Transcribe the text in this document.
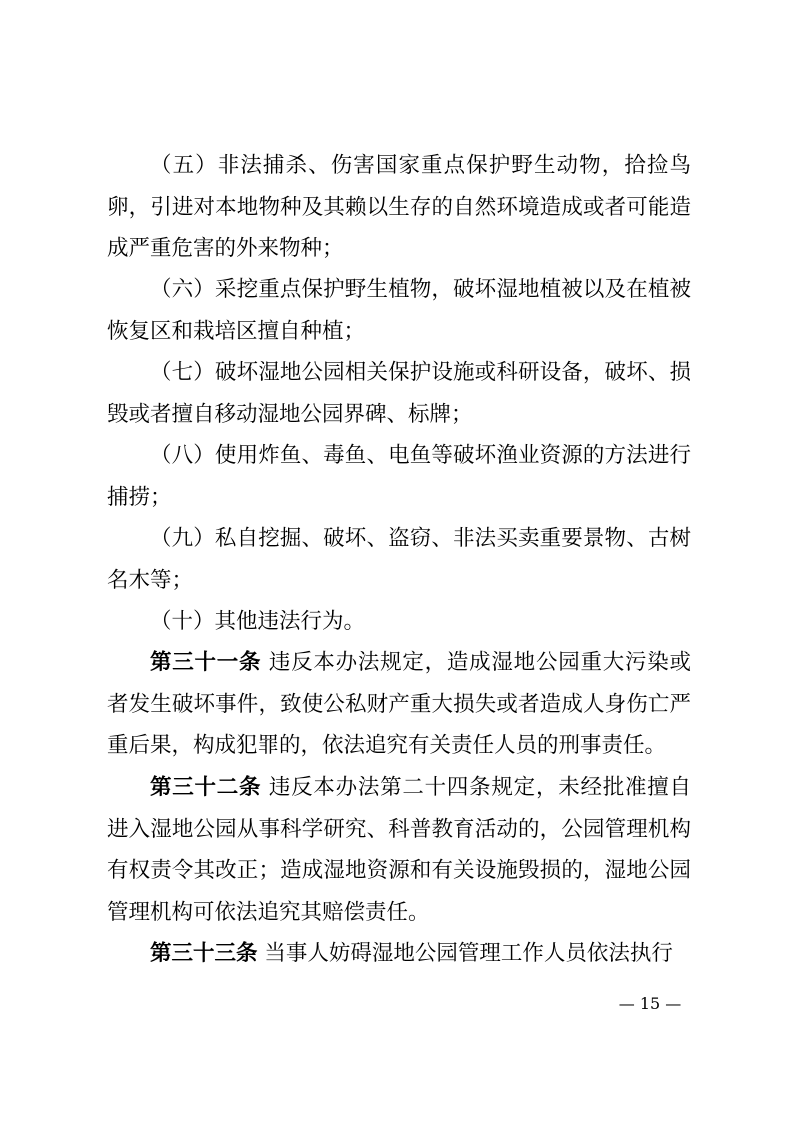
（五）非法捕杀、伤害国家重点保护野生动物，拾捡鸟卵，引进对本地物种及其赖以生存的自然环境造成或者可能造成严重危害的外来物种；

（六）采挖重点保护野生植物，破坏湿地植被以及在植被恢复区和栽培区擅自种植；

（七）破坏湿地公园相关保护设施或科研设备，破坏、损毁或者擅自移动湿地公园界碑、标牌；

（八）使用炸鱼、毒鱼、电鱼等破坏渔业资源的方法进行捕捞；

（九）私自挖掘、破坏、盗窃、非法买卖重要景物、古树名木等；

（十）其他违法行为。

第三十一条 违反本办法规定，造成湿地公园重大污染或者发生破坏事件，致使公私财产重大损失或者造成人身伤亡严重后果，构成犯罪的，依法追究有关责任人员的刑事责任。

第三十二条 违反本办法第二十四条规定，未经批准擅自进入湿地公园从事科学研究、科普教育活动的，公园管理机构有权责令其改正；造成湿地资源和有关设施毁损的，湿地公园管理机构可依法追究其赔偿责任。

第三十三条 当事人妨碍湿地公园管理工作人员依法执行

— 15 —
